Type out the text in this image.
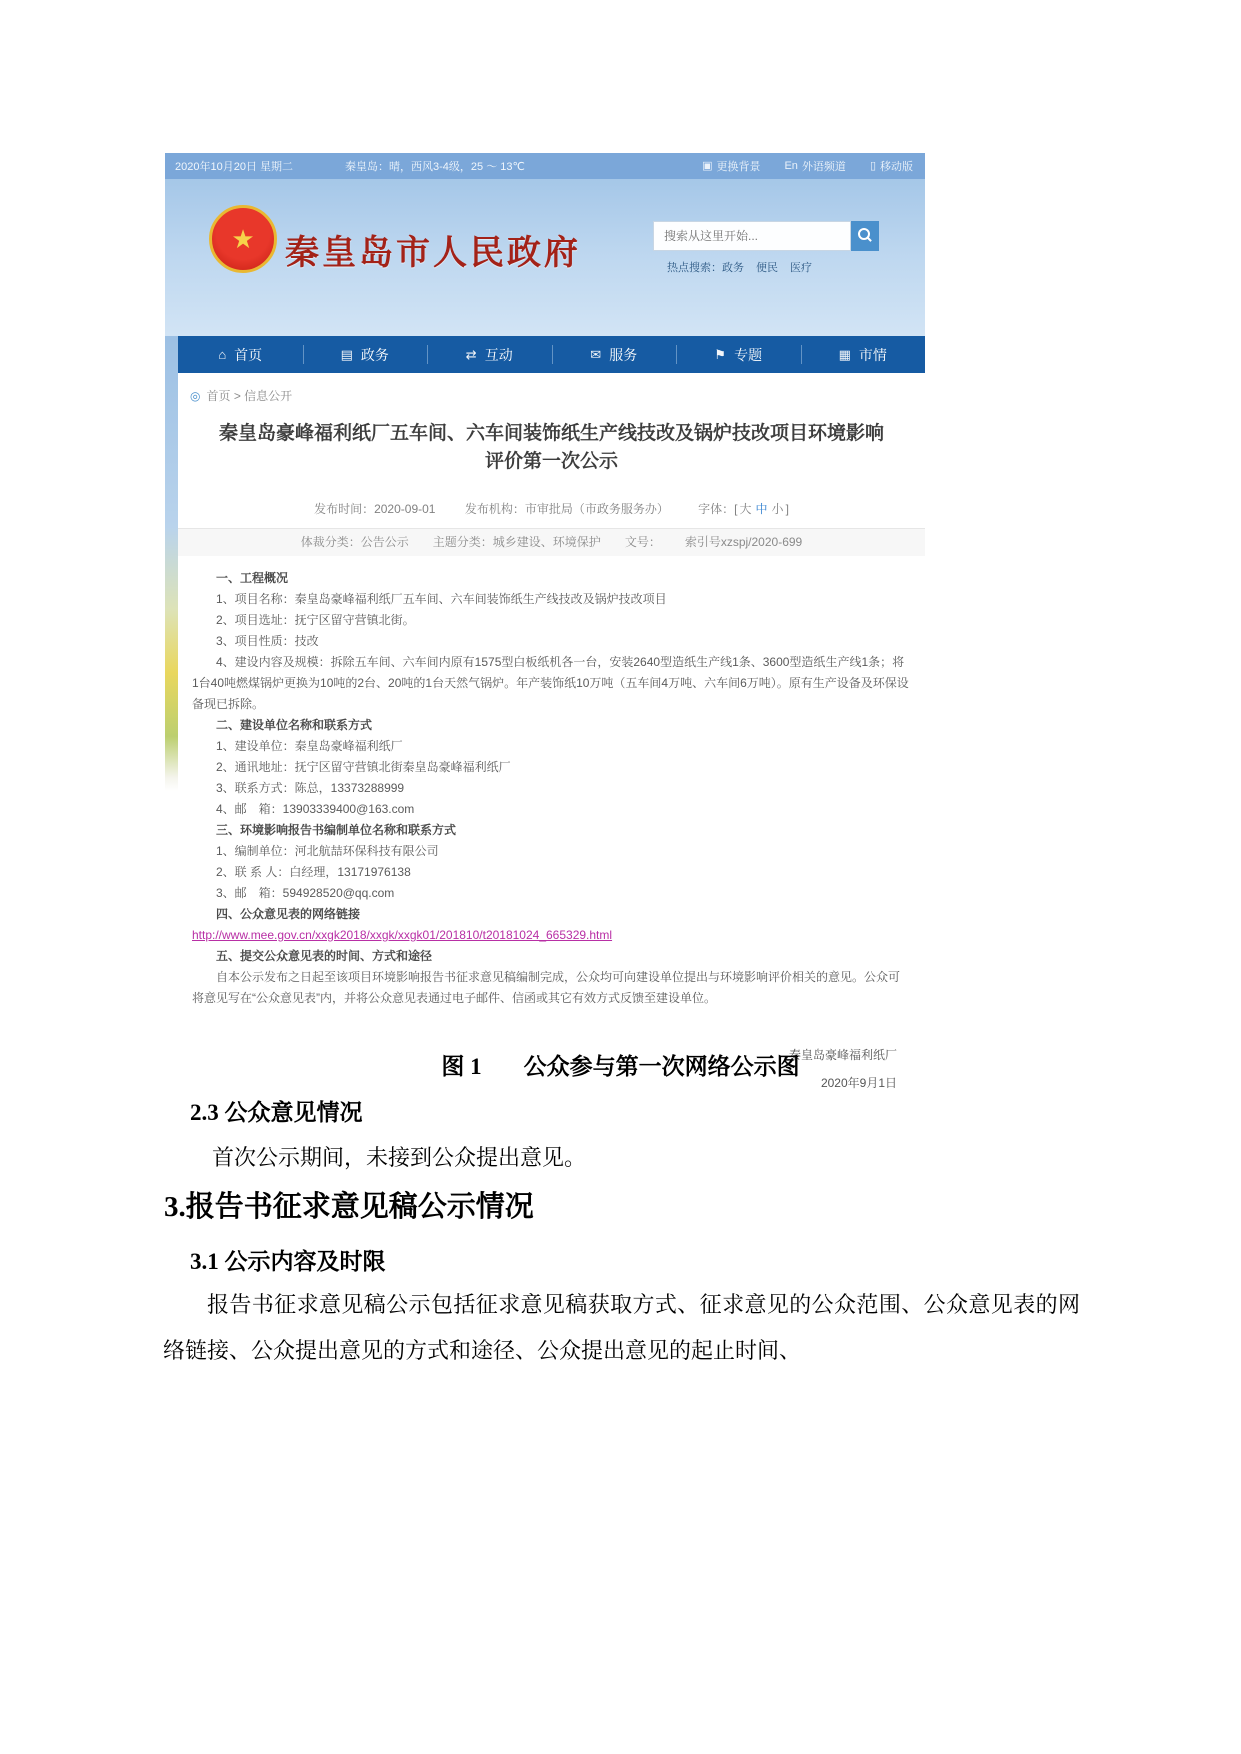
2020年10月20日 星期二	秦皇岛：晴，西风3-4级，25 ～ 13℃	▣ 更换背景 En 外语频道 ▯ 移动版
★ 秦皇岛市人民政府
搜索从这里开始...	热点搜索：政务 便民 医疗
⌂ 首页	▤ 政务	⇄ 互动	✉ 服务	⚑ 专题	▦ 市情
◎ 首页 > 信息公开
秦皇岛豪峰福利纸厂五车间、六车间装饰纸生产线技改及锅炉技改项目环境影响评价第一次公示
发布时间：2020-09-01 发布机构：市审批局（市政务服务办） 字体：[ 大 中 小 ]
体裁分类：公告公示 主题分类：城乡建设、环境保护 文号： 索引号xzspj/2020-699
一、工程概况
1、项目名称：秦皇岛豪峰福利纸厂五车间、六车间装饰纸生产线技改及锅炉技改项目
2、项目选址：抚宁区留守营镇北街。
3、项目性质：技改
4、建设内容及规模：拆除五车间、六车间内原有1575型白板纸机各一台，安装2640型造纸生产线1条、3600型造纸生产线1条；将1台40吨燃煤锅炉更换为10吨的2台、20吨的1台天然气锅炉。年产装饰纸10万吨（五车间4万吨、六车间6万吨）。原有生产设备及环保设备现已拆除。
二、建设单位名称和联系方式
1、建设单位：秦皇岛豪峰福利纸厂
2、通讯地址：抚宁区留守营镇北街秦皇岛豪峰福利纸厂
3、联系方式：陈总，13373288999
4、邮　箱：13903339400@163.com
三、环境影响报告书编制单位名称和联系方式
1、编制单位：河北航喆环保科技有限公司
2、联 系 人：白经理，13171976138
3、邮　箱：594928520@qq.com
四、公众意见表的网络链接
http://www.mee.gov.cn/xxgk2018/xxgk/xxgk01/201810/t20181024_665329.html
五、提交公众意见表的时间、方式和途径
自本公示发布之日起至该项目环境影响报告书征求意见稿编制完成，公众均可向建设单位提出与环境影响评价相关的意见。公众可将意见写在“公众意见表”内，并将公众意见表通过电子邮件、信函或其它有效方式反馈至建设单位。
秦皇岛豪峰福利纸厂
2020年9月1日
图 1 公众参与第一次网络公示图
2.3 公众意见情况

首次公示期间，未接到公众提出意见。

3.报告书征求意见稿公示情况
3.1 公示内容及时限

报告书征求意见稿公示包括征求意见稿获取方式、征求意见的公众范围、公众意见表的网络链接、公众提出意见的方式和途径、公众提出意见的起止时间、
